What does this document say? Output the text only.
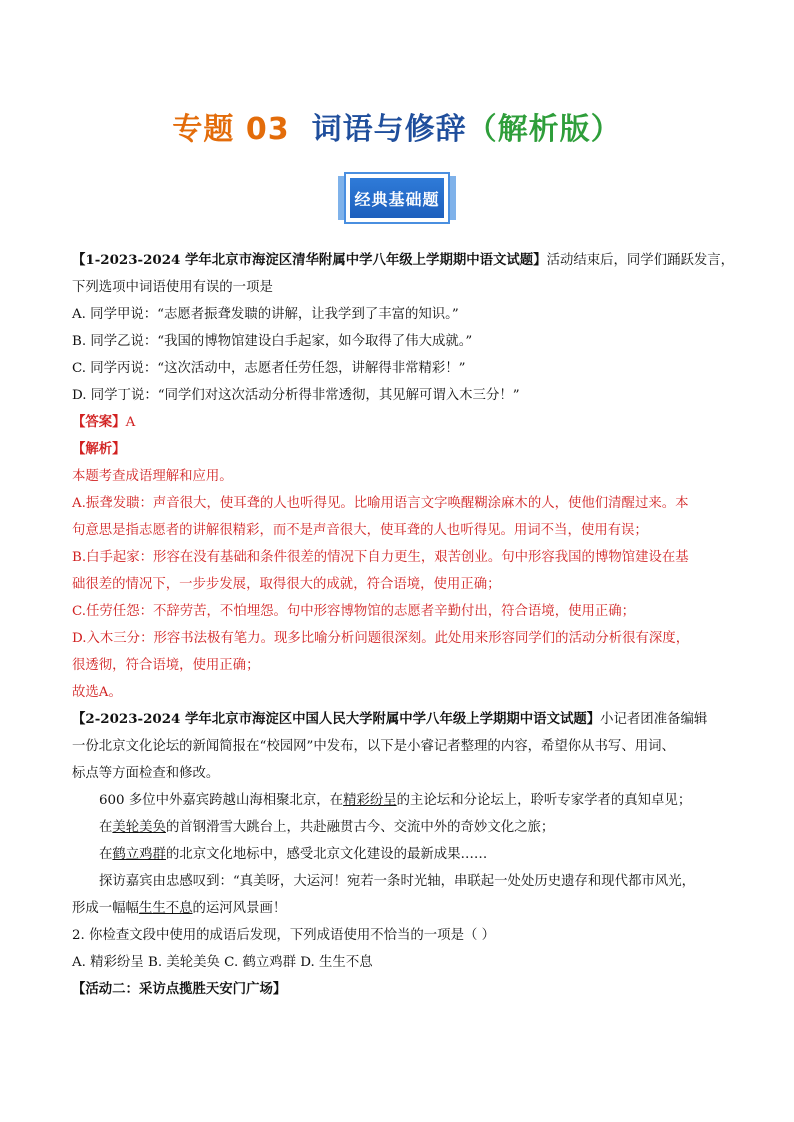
专题 03 词语与修辞（解析版）
经典基础题
【1-2023-2024 学年北京市海淀区清华附属中学八年级上学期期中语文试题】活动结束后，同学们踊跃发言，
下列选项中词语使用有误的一项是
A. 同学甲说：“志愿者振聋发聩的讲解，让我学到了丰富的知识。”
B. 同学乙说：“我国的博物馆建设白手起家，如今取得了伟大成就。”
C. 同学丙说：“这次活动中，志愿者任劳任怨，讲解得非常精彩！”
D. 同学丁说：“同学们对这次活动分析得非常透彻，其见解可谓入木三分！”
【答案】A
【解析】
本题考查成语理解和应用。
A.振聋发聩：声音很大，使耳聋的人也听得见。比喻用语言文字唤醒糊涂麻木的人，使他们清醒过来。本
句意思是指志愿者的讲解很精彩，而不是声音很大，使耳聋的人也听得见。用词不当，使用有误；
B.白手起家：形容在没有基础和条件很差的情况下自力更生，艰苦创业。句中形容我国的博物馆建设在基
础很差的情况下，一步步发展，取得很大的成就，符合语境，使用正确；
C.任劳任怨：不辞劳苦，不怕埋怨。句中形容博物馆的志愿者辛勤付出，符合语境，使用正确；
D.入木三分：形容书法极有笔力。现多比喻分析问题很深刻。此处用来形容同学们的活动分析很有深度，
很透彻，符合语境，使用正确；
故选A。
【2-2023-2024 学年北京市海淀区中国人民大学附属中学八年级上学期期中语文试题】小记者团准备编辑
一份北京文化论坛的新闻简报在“校园网”中发布，以下是小睿记者整理的内容，希望你从书写、用词、
标点等方面检查和修改。
600 多位中外嘉宾跨越山海相聚北京，在精彩纷呈的主论坛和分论坛上，聆听专家学者的真知卓见；
在美轮美奂的首钢滑雪大跳台上，共赴融贯古今、交流中外的奇妙文化之旅；
在鹤立鸡群的北京文化地标中，感受北京文化建设的最新成果……
探访嘉宾由忠感叹到：“真美呀，大运河！宛若一条时光轴，串联起一处处历史遗存和现代都市风光，
形成一幅幅生生不息的运河风景画！
2. 你检查文段中使用的成语后发现，下列成语使用不恰当的一项是（ ）
A. 精彩纷呈 B. 美轮美奂 C. 鹤立鸡群 D. 生生不息
【活动二：采访点揽胜天安门广场】
